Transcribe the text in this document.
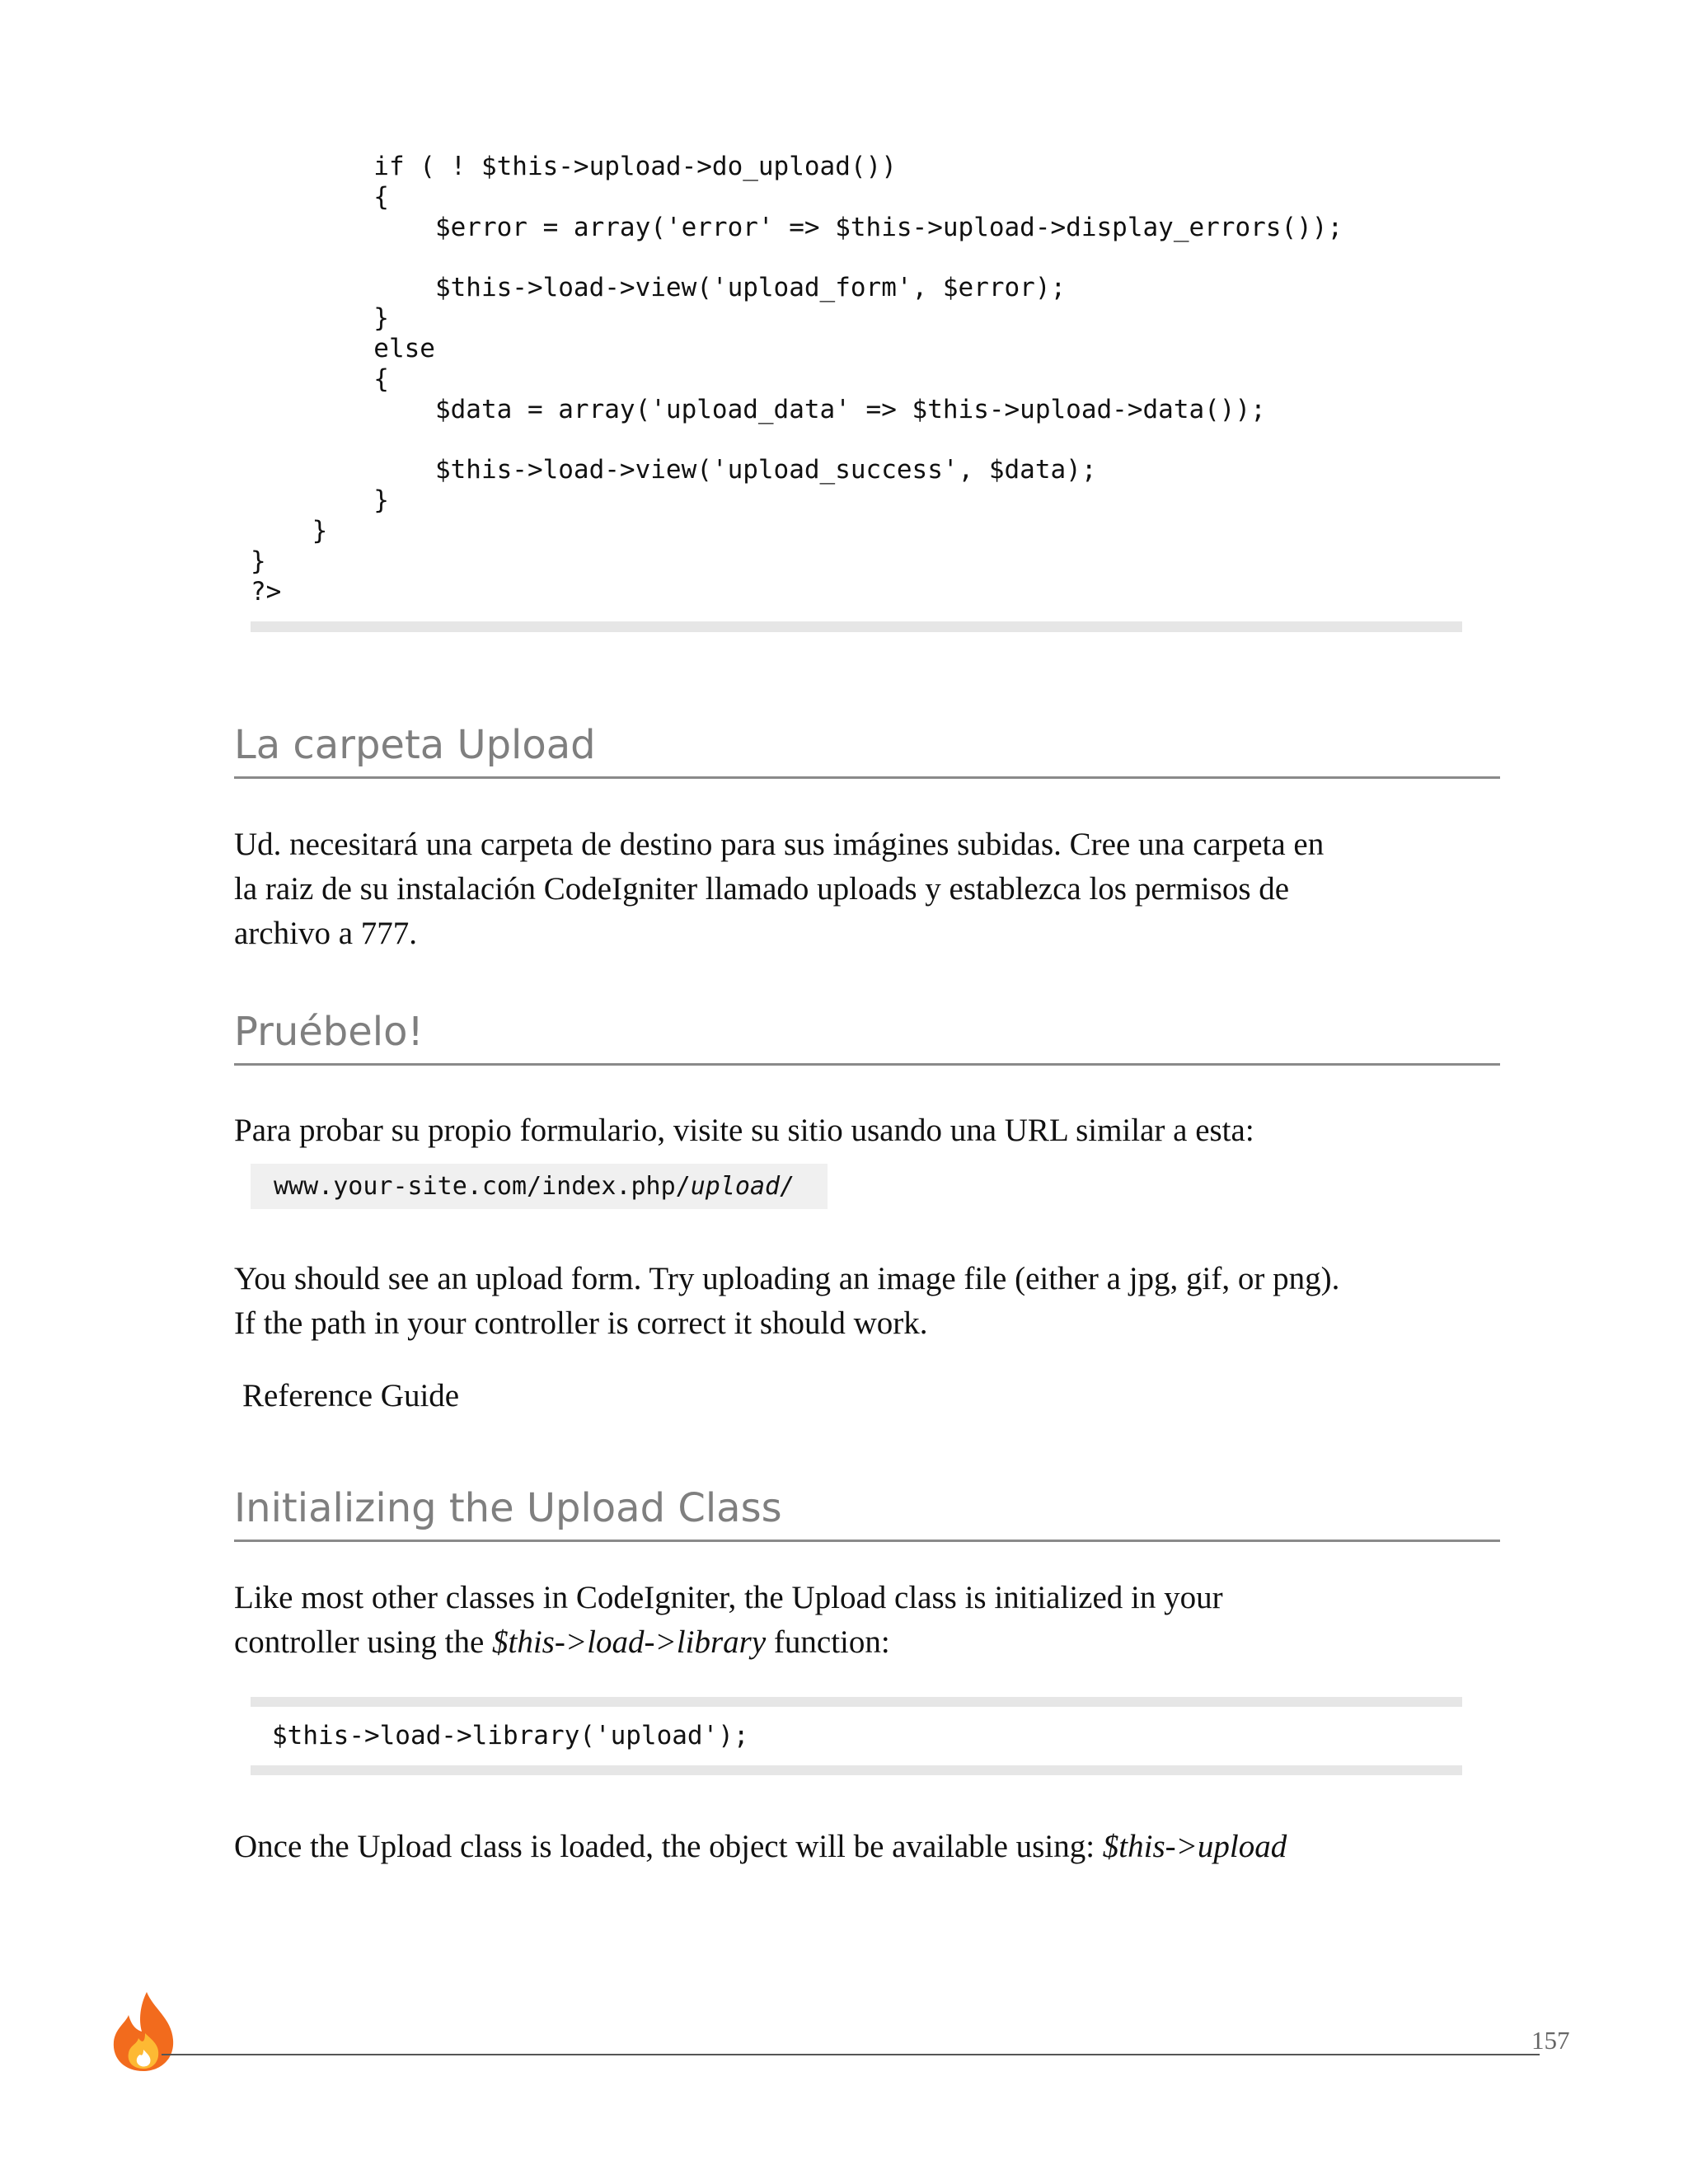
if ( ! $this->upload->do_upload())
{
$error = array('error' => $this->upload->display_errors());
$this->load->view('upload_form', $error);
}
else
{
$data = array('upload_data' => $this->upload->data());
$this->load->view('upload_success', $data);
}
}
}
?>
La carpeta Upload

Ud. necesitará una carpeta de destino para sus imágines subidas. Cree una carpeta en
la raiz de su instalación CodeIgniter llamado uploads y establezca los permisos de
archivo a 777.

Pruébelo!

Para probar su propio formulario, visite su sitio usando una URL similar a esta:

www.your-site.com/index.php/upload/

You should see an upload form. Try uploading an image file (either a jpg, gif, or png).
If the path in your controller is correct it should work.

Reference Guide

Initializing the Upload Class

Like most other classes in CodeIgniter, the Upload class is initialized in your
controller using the $this->load->library function:

$this->load->library('upload');

Once the Upload class is loaded, the object will be available using: $this->upload

157
